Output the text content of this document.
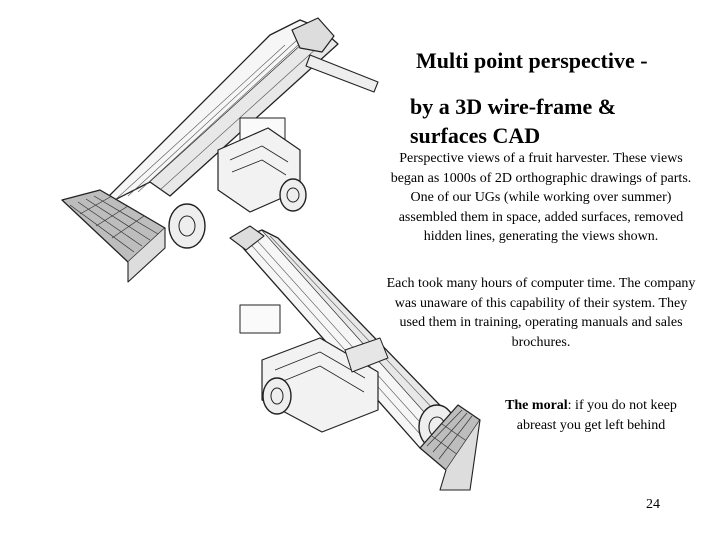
Multi point perspective -
by a 3D wire-frame &
surfaces CAD
Perspective views of a fruit harvester. These views began as 1000s of 2D orthographic drawings of parts. One of our UGs (while working over summer) assembled them in space, added surfaces, removed hidden lines, generating the views shown.
Each took many hours of computer time. The company was unaware of this capability of their system. They used them in training, operating manuals and sales brochures.
The moral: if you do not keep abreast you get left behind
24
